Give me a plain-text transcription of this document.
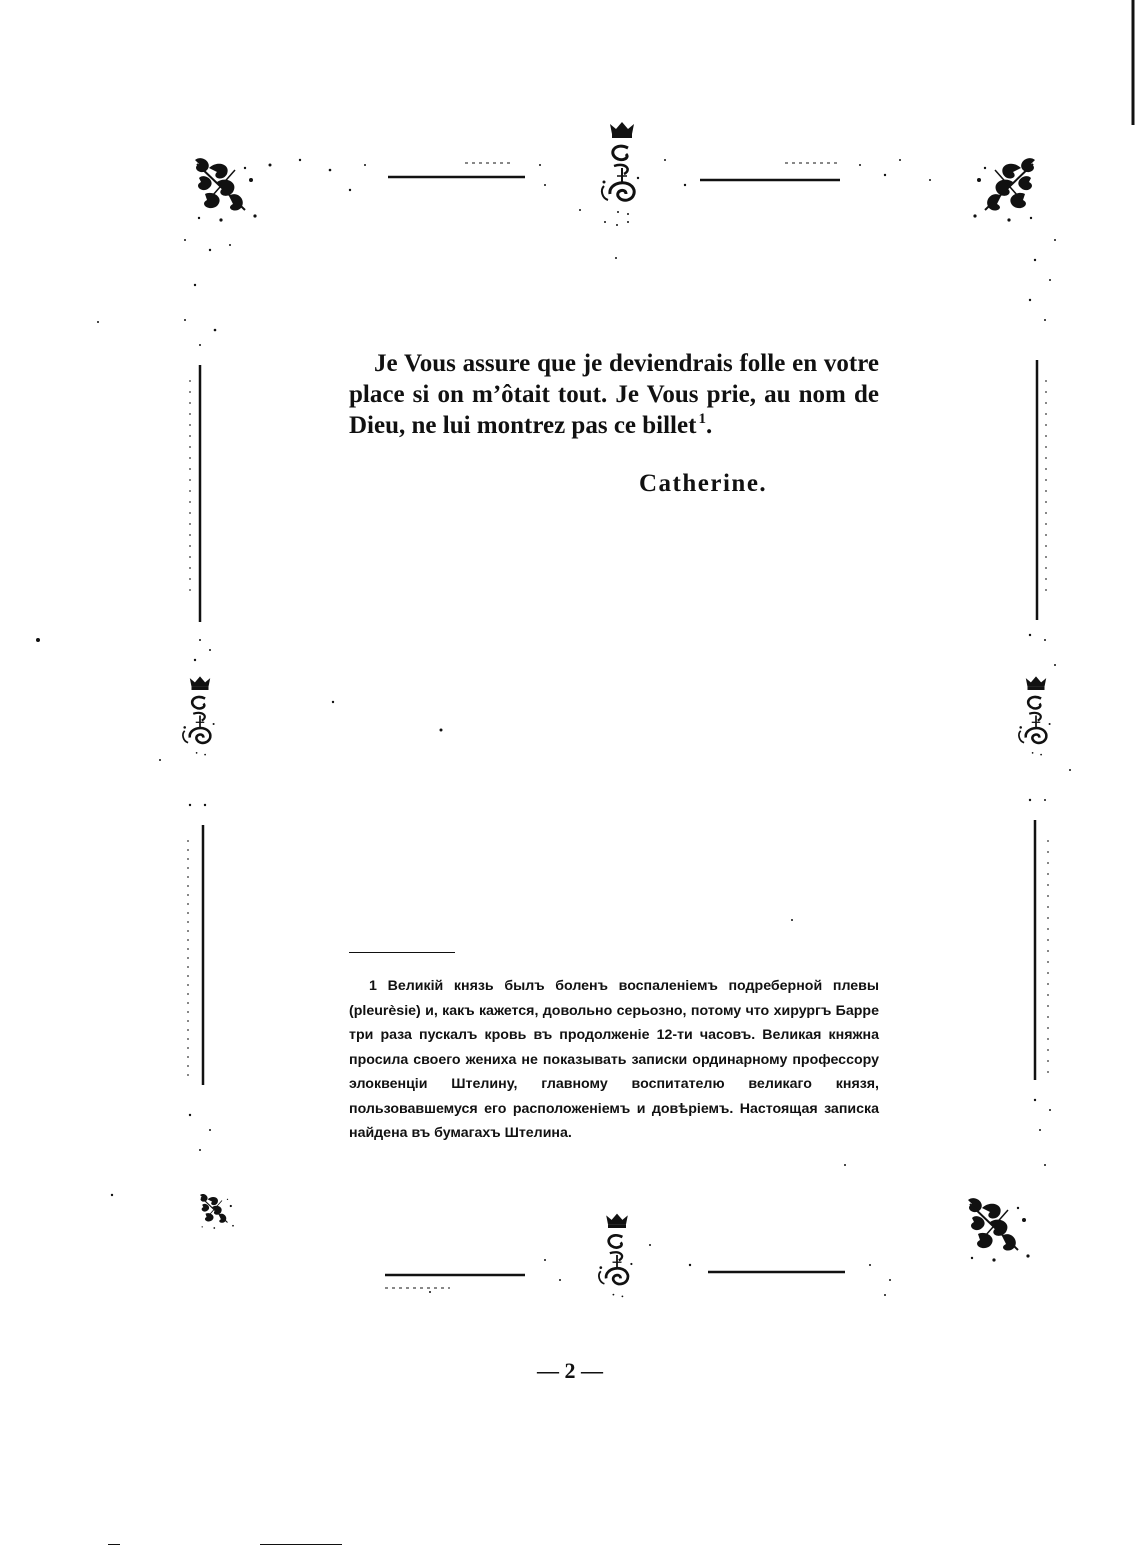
Je Vous assure que je deviendrais folle en votre place si on m’ôtait tout. Je Vous prie, au nom de Dieu, ne lui montrez pas ce billet  $^1$.

Catherine.

1 Великій князь былъ боленъ воспаленіемъ подреберной плевы (pleurèsie) и, какъ кажется, довольно серьозно, потому что хирургъ Барре три раза пускалъ кровь въ продолженіе 12-ти часовъ. Великая княжна просила своего жениха не показывать записки ординарному профессору элоквенціи Штелину, главному воспитателю великаго князя, пользовавшемуся его расположеніемъ и довѣріемъ. Настоящая записка найдена въ бумагахъ Штелина.

— 2 —
